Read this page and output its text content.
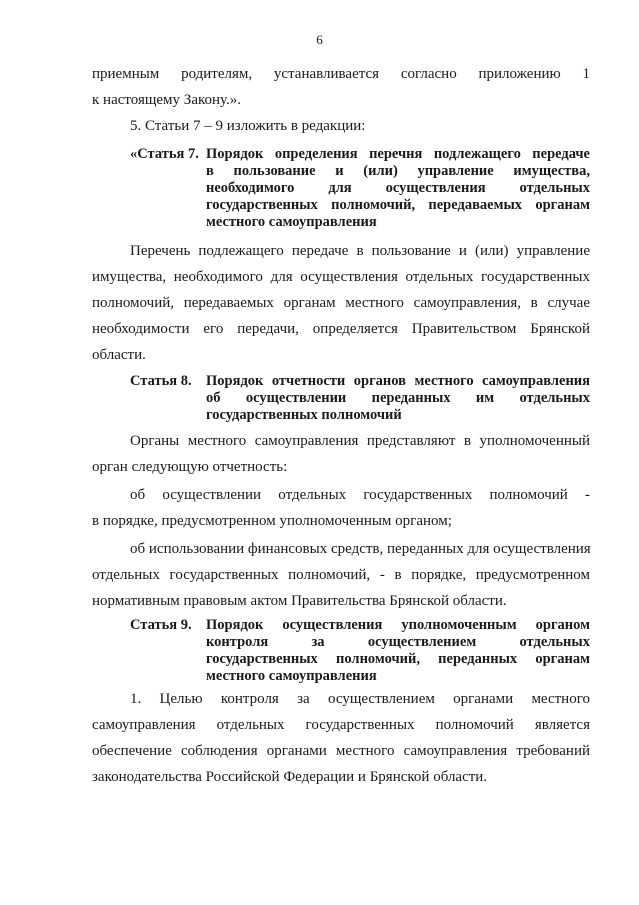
6
приемным родителям, устанавливается согласно приложению 1
к настоящему Закону.».
5. Статьи 7 – 9 изложить в редакции:
«Статья 7. Порядок определения перечня подлежащего передаче
в пользование и (или) управление имущества,
необходимого для осуществления отдельных
государственных полномочий, передаваемых органам
местного самоуправления
Перечень подлежащего передаче в пользование и (или) управление
имущества, необходимого для осуществления отдельных государственных
полномочий, передаваемых органам местного самоуправления, в случае
необходимости его передачи, определяется Правительством Брянской
области.
Статья 8. Порядок отчетности органов местного самоуправления
об осуществлении переданных им отдельных
государственных полномочий
Органы местного самоуправления представляют в уполномоченный
орган следующую отчетность:
об осуществлении отдельных государственных полномочий -
в порядке, предусмотренном уполномоченным органом;
об использовании финансовых средств, переданных для осуществления
отдельных государственных полномочий, - в порядке, предусмотренном
нормативным правовым актом Правительства Брянской области.
Статья 9. Порядок осуществления уполномоченным органом
контроля за осуществлением отдельных
государственных полномочий, переданных органам
местного самоуправления
1. Целью контроля за осуществлением органами местного
самоуправления отдельных государственных полномочий является
обеспечение соблюдения органами местного самоуправления требований
законодательства Российской Федерации и Брянской области.
